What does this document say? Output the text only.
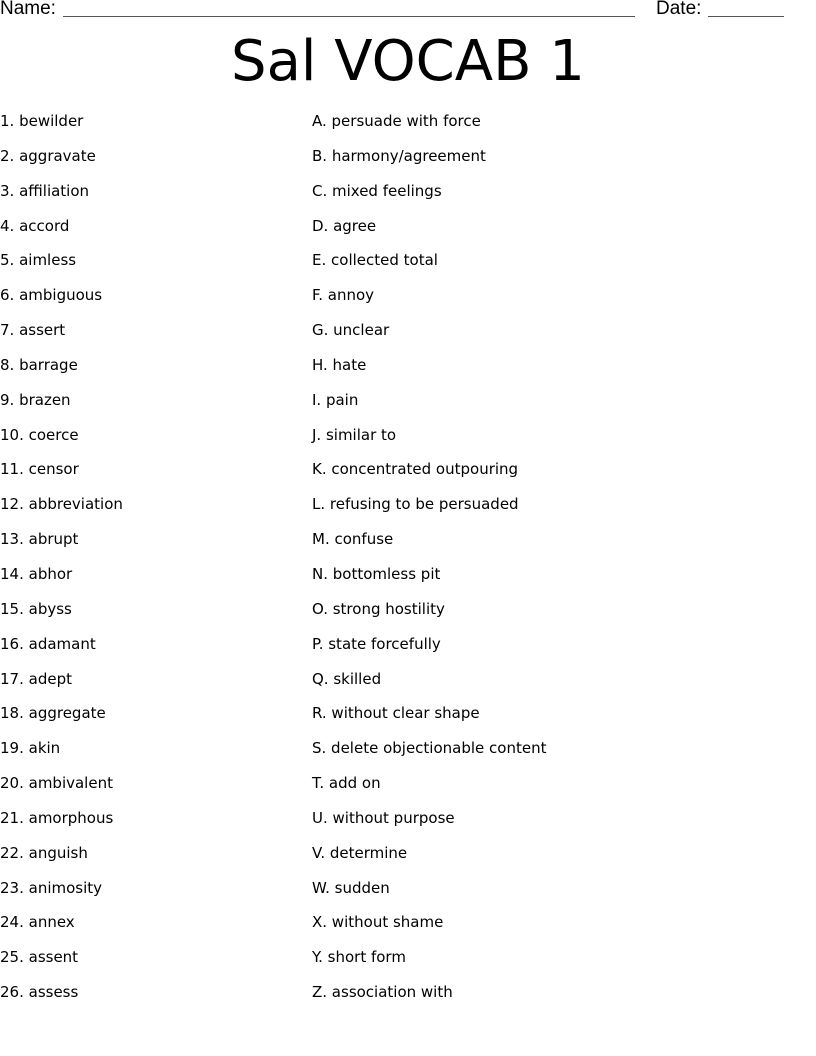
Name:	Date:
Sal VOCAB 1
1. bewilder
2. aggravate
3. affiliation
4. accord
5. aimless
6. ambiguous
7. assert
8. barrage
9. brazen
10. coerce
11. censor
12. abbreviation
13. abrupt
14. abhor
15. abyss
16. adamant
17. adept
18. aggregate
19. akin
20. ambivalent
21. amorphous
22. anguish
23. animosity
24. annex
25. assent
26. assess
A. persuade with force
B. harmony/agreement
C. mixed feelings
D. agree
E. collected total
F. annoy
G. unclear
H. hate
I. pain
J. similar to
K. concentrated outpouring
L. refusing to be persuaded
M. confuse
N. bottomless pit
O. strong hostility
P. state forcefully
Q. skilled
R. without clear shape
S. delete objectionable content
T. add on
U. without purpose
V. determine
W. sudden
X. without shame
Y. short form
Z. association with
